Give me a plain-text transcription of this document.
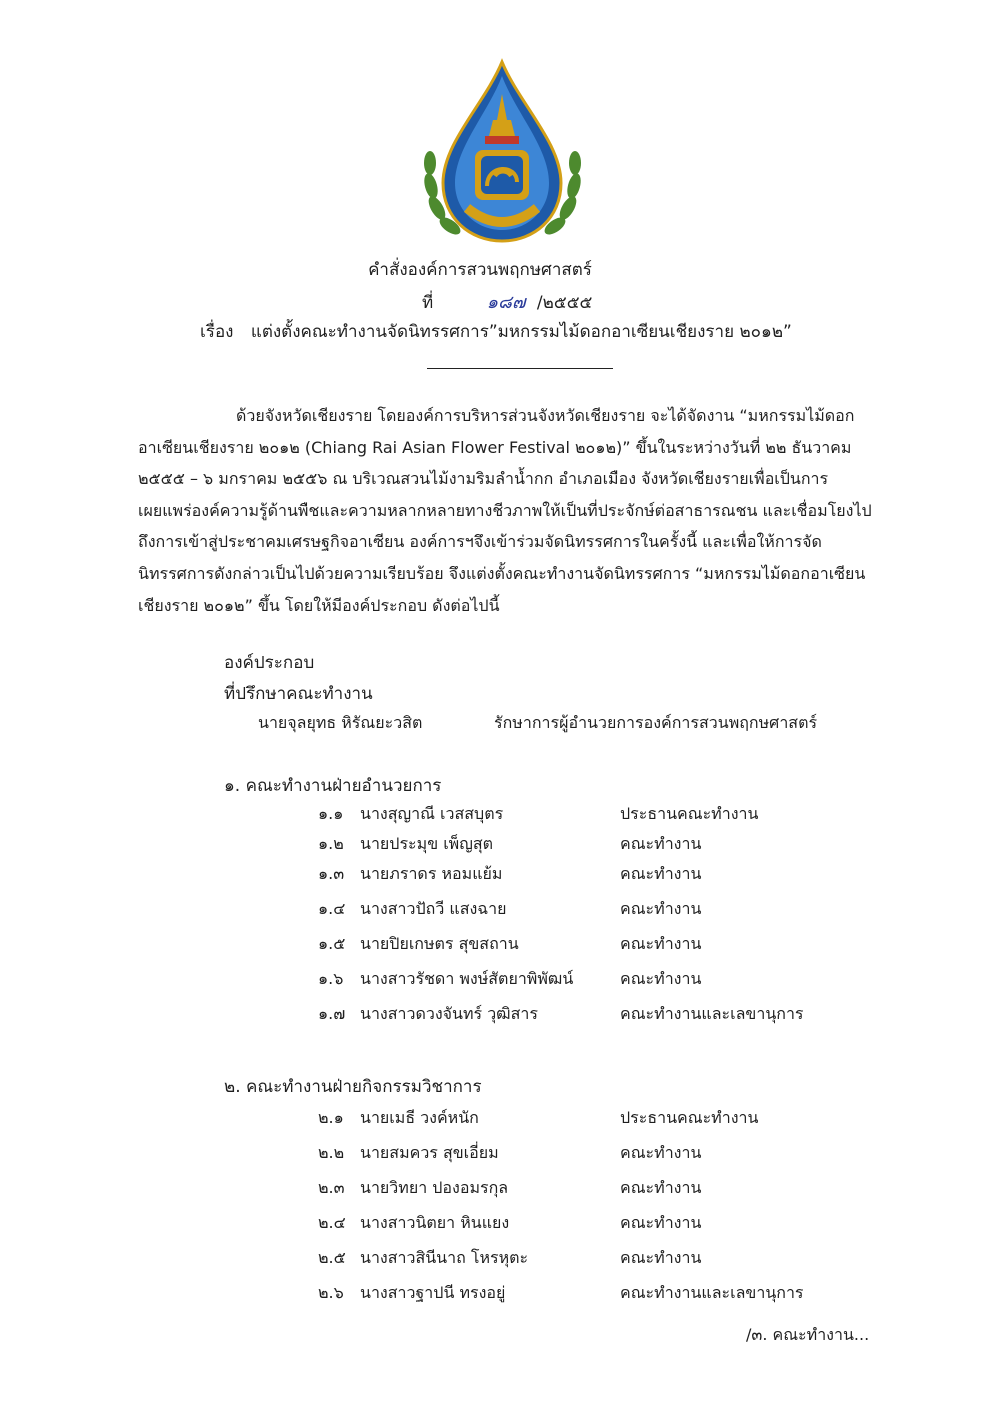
คำสั่งองค์การสวนพฤกษศาสตร์
ที่	๑๘๗ /๒๕๕๕
เรื่อง แต่งตั้งคณะทำงานจัดนิทรรศการ”มหกรรมไม้ดอกอาเซียนเชียงราย ๒๐๑๒”
ด้วยจังหวัดเชียงราย โดยองค์การบริหารส่วนจังหวัดเชียงราย จะได้จัดงาน “มหกรรมไม้ดอก
อาเซียนเชียงราย ๒๐๑๒ (Chiang Rai Asian Flower Festival ๒๐๑๒)” ขึ้นในระหว่างวันที่ ๒๒ ธันวาคม
๒๕๕๕ – ๖ มกราคม ๒๕๕๖ ณ บริเวณสวนไม้งามริมลำน้ำกก อำเภอเมือง จังหวัดเชียงรายเพื่อเป็นการ
เผยแพร่องค์ความรู้ด้านพืชและความหลากหลายทางชีวภาพให้เป็นที่ประจักษ์ต่อสาธารณชน และเชื่อมโยงไป
ถึงการเข้าสู่ประชาคมเศรษฐกิจอาเซียน องค์การฯจึงเข้าร่วมจัดนิทรรศการในครั้งนี้ และเพื่อให้การจัด
นิทรรศการดังกล่าวเป็นไปด้วยความเรียบร้อย จึงแต่งตั้งคณะทำงานจัดนิทรรศการ “มหกรรมไม้ดอกอาเซียน
เชียงราย ๒๐๑๒” ขึ้น โดยให้มีองค์ประกอบ ดังต่อไปนี้
องค์ประกอบ
ที่ปรึกษาคณะทำงาน
นายจุลยุทธ หิรัณยะวสิต	รักษาการผู้อำนวยการองค์การสวนพฤกษศาสตร์
๑. คณะทำงานฝ่ายอำนวยการ
๑.๑ นางสุญาณี เวสสบุตร	ประธานคณะทำงาน
๑.๒ นายประมุข เพ็ญสุต	คณะทำงาน
๑.๓ นายภราดร หอมแย้ม	คณะทำงาน
๑.๔ นางสาวปัถวี แสงฉาย	คณะทำงาน
๑.๕ นายปิยเกษตร สุขสถาน	คณะทำงาน
๑.๖ นางสาวรัชดา พงษ์สัตยาพิพัฒน์	คณะทำงาน
๑.๗ นางสาวดวงจันทร์ วุฒิสาร	คณะทำงานและเลขานุการ
๒. คณะทำงานฝ่ายกิจกรรมวิชาการ
๒.๑ นายเมธี วงค์หนัก	ประธานคณะทำงาน
๒.๒ นายสมควร สุขเอี่ยม	คณะทำงาน
๒.๓ นายวิทยา ปองอมรกุล	คณะทำงาน
๒.๔ นางสาวนิตยา หินแยง	คณะทำงาน
๒.๕ นางสาวสินีนาถ โหรหุตะ	คณะทำงาน
๒.๖ นางสาวฐาปนี ทรงอยู่	คณะทำงานและเลขานุการ
/๓. คณะทำงาน...
